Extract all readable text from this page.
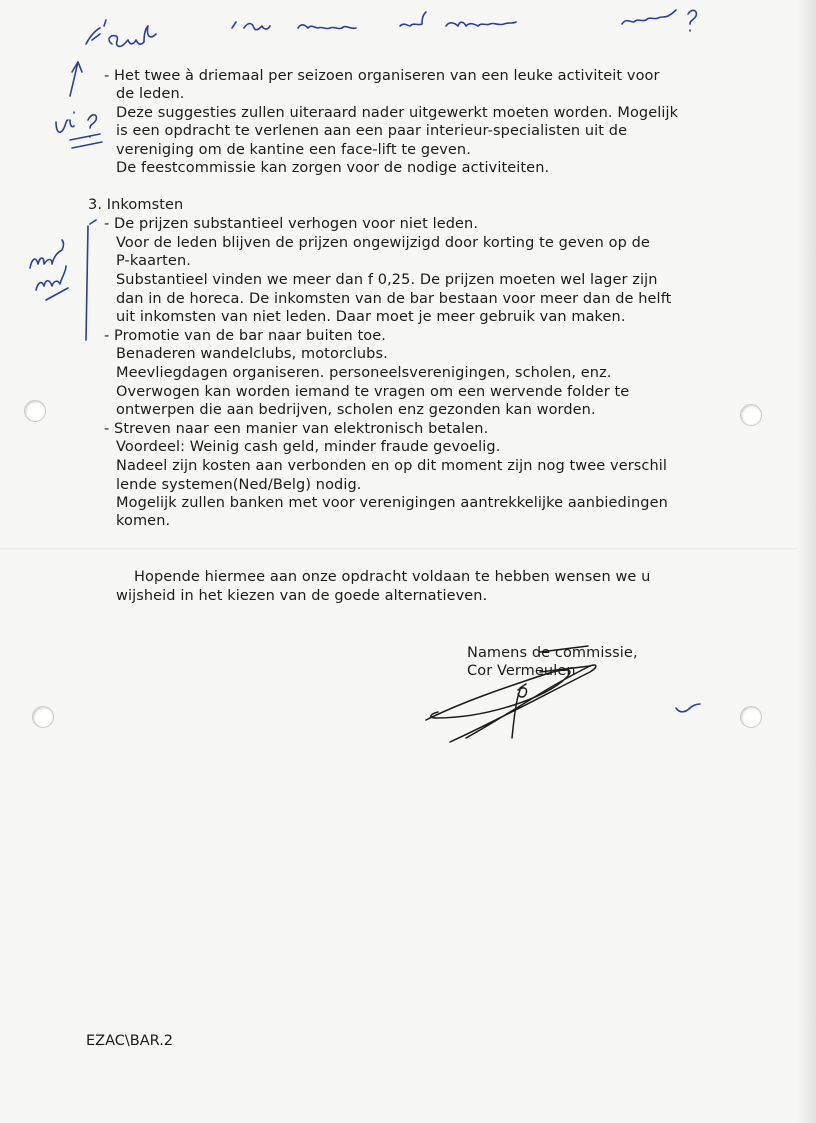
- Het twee à driemaal per seizoen organiseren van een leuke activiteit voor
de leden.
Deze suggesties zullen uiteraard nader uitgewerkt moeten worden. Mogelijk
is een opdracht te verlenen aan een paar interieur-specialisten uit de
vereniging om de kantine een face-lift te geven.
De feestcommissie kan zorgen voor de nodige activiteiten.
3. Inkomsten
- De prijzen substantieel verhogen voor niet leden.
Voor de leden blijven de prijzen ongewijzigd door korting te geven op de
P-kaarten.
Substantieel vinden we meer dan f 0,25. De prijzen moeten wel lager zijn
dan in de horeca. De inkomsten van de bar bestaan voor meer dan de helft
uit inkomsten van niet leden. Daar moet je meer gebruik van maken.
- Promotie van de bar naar buiten toe.
Benaderen wandelclubs, motorclubs.
Meevliegdagen organiseren. personeelsverenigingen, scholen, enz.
Overwogen kan worden iemand te vragen om een wervende folder te
ontwerpen die aan bedrijven, scholen enz gezonden kan worden.
- Streven naar een manier van elektronisch betalen.
Voordeel: Weinig cash geld, minder fraude gevoelig.
Nadeel zijn kosten aan verbonden en op dit moment zijn nog twee verschil
lende systemen(Ned/Belg) nodig.
Mogelijk zullen banken met voor verenigingen aantrekkelijke aanbiedingen
komen.
Hopende hiermee aan onze opdracht voldaan te hebben wensen we u
wijsheid in het kiezen van de goede alternatieven.
Namens de commissie,
Cor Vermeulen
EZAC\BAR.2
